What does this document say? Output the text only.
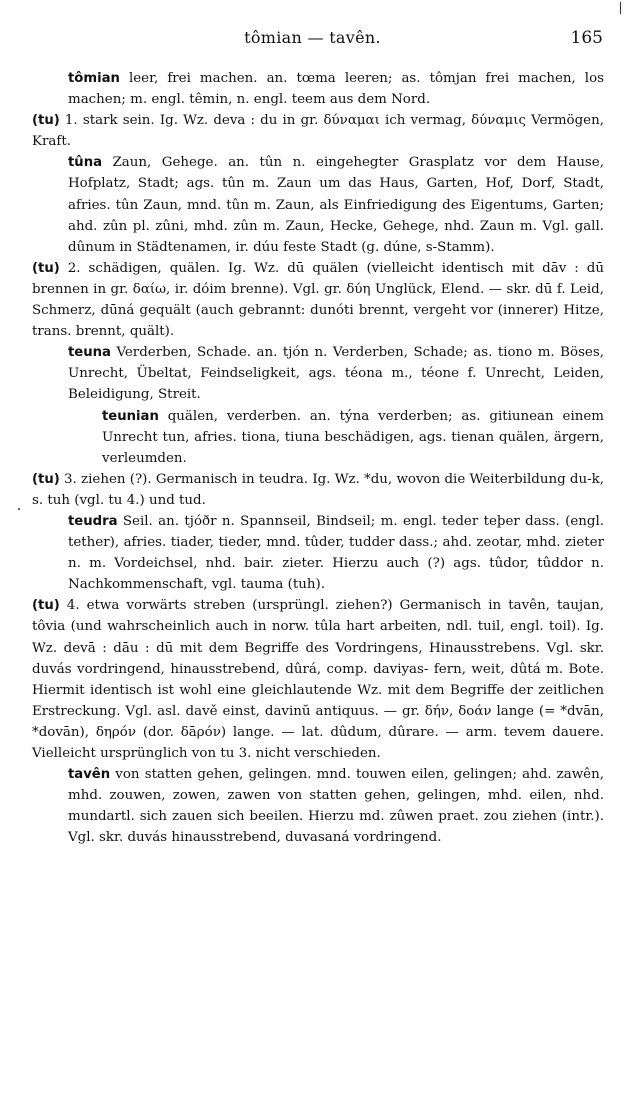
tômian — tavên.	165
tômian leer, frei machen. an. tœma leeren; as. tômjan frei machen, los machen; m. engl. têmin, n. engl. teem aus dem Nord.
(tu) 1. stark sein. Ig. Wz. deva : du in gr. δύναμαι ich vermag, δύναμις Vermögen, Kraft.
tûna Zaun, Gehege. an. tûn n. eingehegter Grasplatz vor dem Hause, Hofplatz, Stadt; ags. tûn m. Zaun um das Haus, Garten, Hof, Dorf, Stadt, afries. tûn Zaun, mnd. tûn m. Zaun, als Einfriedigung des Eigentums, Garten; ahd. zûn pl. zûni, mhd. zûn m. Zaun, Hecke, Gehege, nhd. Zaun m. Vgl. gall. dûnum in Städtenamen, ir. dúu feste Stadt (g. dúne, s-Stamm).
(tu) 2. schädigen, quälen. Ig. Wz. dū quälen (vielleicht identisch mit dāv : dū brennen in gr. δαίω, ir. dóim brenne). Vgl. gr. δύη Unglück, Elend. — skr. dū f. Leid, Schmerz, dūná gequält (auch gebrannt: dunóti brennt, vergeht vor (innerer) Hitze, trans. brennt, quält).
teuna Verderben, Schade. an. tjón n. Verderben, Schade; as. tiono m. Böses, Unrecht, Übeltat, Feindseligkeit, ags. téona m., téone f. Unrecht, Leiden, Beleidigung, Streit.
teunian quälen, verderben. an. týna verderben; as. gitiunean einem Unrecht tun, afries. tiona, tiuna beschädigen, ags. tienan quälen, ärgern, verleumden.
(tu) 3. ziehen (?). Germanisch in teudra. Ig. Wz. *du, wovon die Weiterbildung du-k, s. tuh (vgl. tu 4.) und tud.
teudra Seil. an. tjóðr n. Spannseil, Bindseil; m. engl. teder teþer dass. (engl. tether), afries. tiader, tieder, mnd. tûder, tudder dass.; ahd. zeotar, mhd. zieter n. m. Vordeichsel, nhd. bair. zieter. Hierzu auch (?) ags. tûdor, tûddor n. Nachkommenschaft, vgl. tauma (tuh).
(tu) 4. etwa vorwärts streben (ursprüngl. ziehen?) Germanisch in tavên, taujan, tôvia (und wahrscheinlich auch in norw. tûla hart arbeiten, ndl. tuil, engl. toil). Ig. Wz. devā : dāu : dū mit dem Begriffe des Vordringens, Hinausstrebens. Vgl. skr. duvás vordringend, hinausstrebend, dûrá, comp. daviyas- fern, weit, dûtá m. Bote. Hiermit identisch ist wohl eine gleichlautende Wz. mit dem Begriffe der zeitlichen Erstreckung. Vgl. asl. davě einst, davinŭ antiquus. — gr. δήν, δοάν lange (= *dvān, *dovān), δηρόν (dor. δāρόν) lange. — lat. dûdum, dûrare. — arm. tevem dauere. Vielleicht ursprünglich von tu 3. nicht verschieden.
tavên von statten gehen, gelingen. mnd. touwen eilen, gelingen; ahd. zawên, mhd. zouwen, zowen, zawen von statten gehen, gelingen, mhd. eilen, nhd. mundartl. sich zauen sich beeilen. Hierzu md. zûwen praet. zou ziehen (intr.). Vgl. skr. duvás hinausstrebend, duvasaná vordringend.
